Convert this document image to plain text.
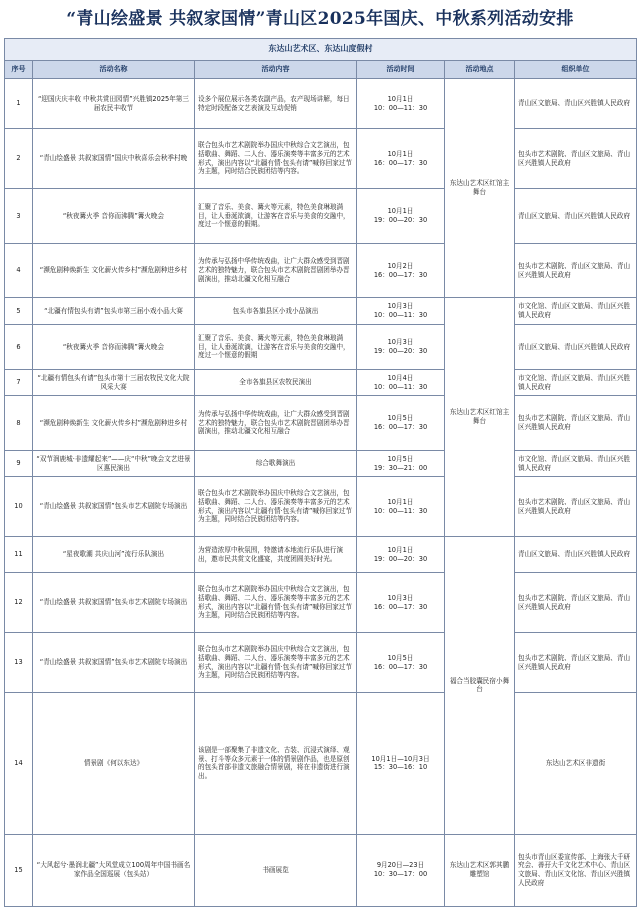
“青山绘盛景 共叙家国情”青山区2025年国庆、中秋系列活动安排
东达山艺术区、东达山度假村						
序号	活动名称	活动内容	活动时间	活动地点	组织单位	
1	“迎国庆庆丰收 中秋共赏田园情”兴胜镇2025年第三届农民丰收节	设多个展位展示各类农副产品，农产现场讲解，每日特定时段配备文艺表演及互动促销	10月1日
10：00—11：30	东达山艺术区红馆主舞台	青山区文旅局、青山区兴胜镇人民政府	
2	“青山绘盛景 共叙家国情”国庆中秋喜乐会秋季村晚	联合包头市艺术剧院举办国庆中秋综合文艺演出，包括歌曲、舞蹈、二人台、器乐演奏等丰富多元的艺术形式，演出内容以“北疆有情·包头有请”喊你回家过节为主题，同时结合民族团结等内容。	10月1日
16：00—17：30		包头市艺术剧院、青山区文旅局、青山区兴胜镇人民政府	
3	“秋夜篝火季 音你而沸腾”篝火晚会	汇聚了音乐、美食、篝火等元素，特色美食琳琅满目，让人垂涎欲滴，让游客在音乐与美食的交融中，度过一个惬意的假期。	10月1日
19：00—20：30		青山区文旅局、青山区兴胜镇人民政府	
4	“濒危剧种焕新生 文化薪火传乡村”濒危剧种进乡村	为传承与弘扬中华传统戏曲，让广大群众感受到晋剧艺术的独特魅力，联合包头市艺术剧院晋剧团举办晋剧演出，推动北疆文化相互融合	10月2日
16：00—17：30		包头市艺术剧院、青山区文旅局、青山区兴胜镇人民政府	
5	“北疆有情包头有请”包头市第三届小戏小品大赛	包头市各旗县区小戏小品演出	10月3日
10：00—11：30	东达山艺术区红馆主舞台	市文化馆、青山区文旅局、青山区兴胜镇人民政府	
6	“秋夜篝火季 音你而沸腾”篝火晚会	汇聚了音乐、美食、篝火等元素，特色美食琳琅满目，让人垂涎欲滴，让游客在音乐与美食的交融中，度过一个惬意的假期	10月3日
19：00—20：30		青山区文旅局、青山区兴胜镇人民政府	
7	“北疆有情包头有请”包头市第十三届农牧民文化大院风采大赛	全市各旗县区农牧民演出	10月4日
10：00—11：30		市文化馆、青山区文旅局、青山区兴胜镇人民政府	
8	“濒危剧种焕新生 文化薪火传乡村”濒危剧种进乡村	为传承与弘扬中华传统戏曲，让广大群众感受到晋剧艺术的独特魅力，联合包头市艺术剧院晋剧团举办晋剧演出，推动北疆文化相互融合	10月5日
16：00—17：30		包头市艺术剧院、青山区文旅局、青山区兴胜镇人民政府	
9	“双节润鹿城·非遗耀起来”——庆“中秋”晚会文艺进景区惠民演出	综合歌舞演出	10月5日
19：30—21：00		市文化馆、青山区文旅局、青山区兴胜镇人民政府	
10	“青山绘盛景 共叙家国情”包头市艺术剧院专场演出	联合包头市艺术剧院举办国庆中秋综合文艺演出，包括歌曲、舞蹈、二人台、器乐演奏等丰富多元的艺术形式，演出内容以“北疆有情·包头有请”喊你回家过节为主题，同时结合民族团结等内容。	10月1日
10：00—11：30		包头市艺术剧院、青山区文旅局、青山区兴胜镇人民政府	
11	“星夜歌潮 共庆山河”流行乐队演出	为营造浓厚中秋氛围，特邀请本地流行乐队进行演出，邀市民共赏文化盛宴，共度团圆美好时光。	10月1日
19：00—20：30	福合当胶囊民宿小舞台	青山区文旅局、青山区兴胜镇人民政府	
12	“青山绘盛景 共叙家国情”包头市艺术剧院专场演出	联合包头市艺术剧院举办国庆中秋综合文艺演出，包括歌曲、舞蹈、二人台、器乐演奏等丰富多元的艺术形式，演出内容以“北疆有情·包头有请”喊你回家过节为主题，同时结合民族团结等内容。	10月3日
16：00—17：30		包头市艺术剧院、青山区文旅局、青山区兴胜镇人民政府	
13	“青山绘盛景 共叙家国情”包头市艺术剧院专场演出	联合包头市艺术剧院举办国庆中秋综合文艺演出，包括歌曲、舞蹈、二人台、器乐演奏等丰富多元的艺术形式，演出内容以“北疆有情·包头有请”喊你回家过节为主题，同时结合民族团结等内容。	10月5日
16：00—17：30		包头市艺术剧院、青山区文旅局、青山区兴胜镇人民政府	
14	情景剧《何以东达》	该剧是一部聚集了非遗文化、古装、沉浸式演绎、观景、打斗等众多元素于一体的情景剧作品，也是原创的包头首部非遗文旅融合情景剧，将在非遗街进行演出。	10月1日—10月3日
15：30—16：10		东达山艺术区非遗街	
15	“大风起兮·墨润北疆”大风堂成立100周年中国书画名家作品全国巡展（包头站）	书画展览	9月20日—23日
10：30—17：00	东达山艺术区郭其鹏雕塑馆	包头市青山区委宣传部、上海张大千研究会、善孖大千文化艺术中心、青山区文旅局、青山区文化馆、青山区兴胜镇人民政府	
